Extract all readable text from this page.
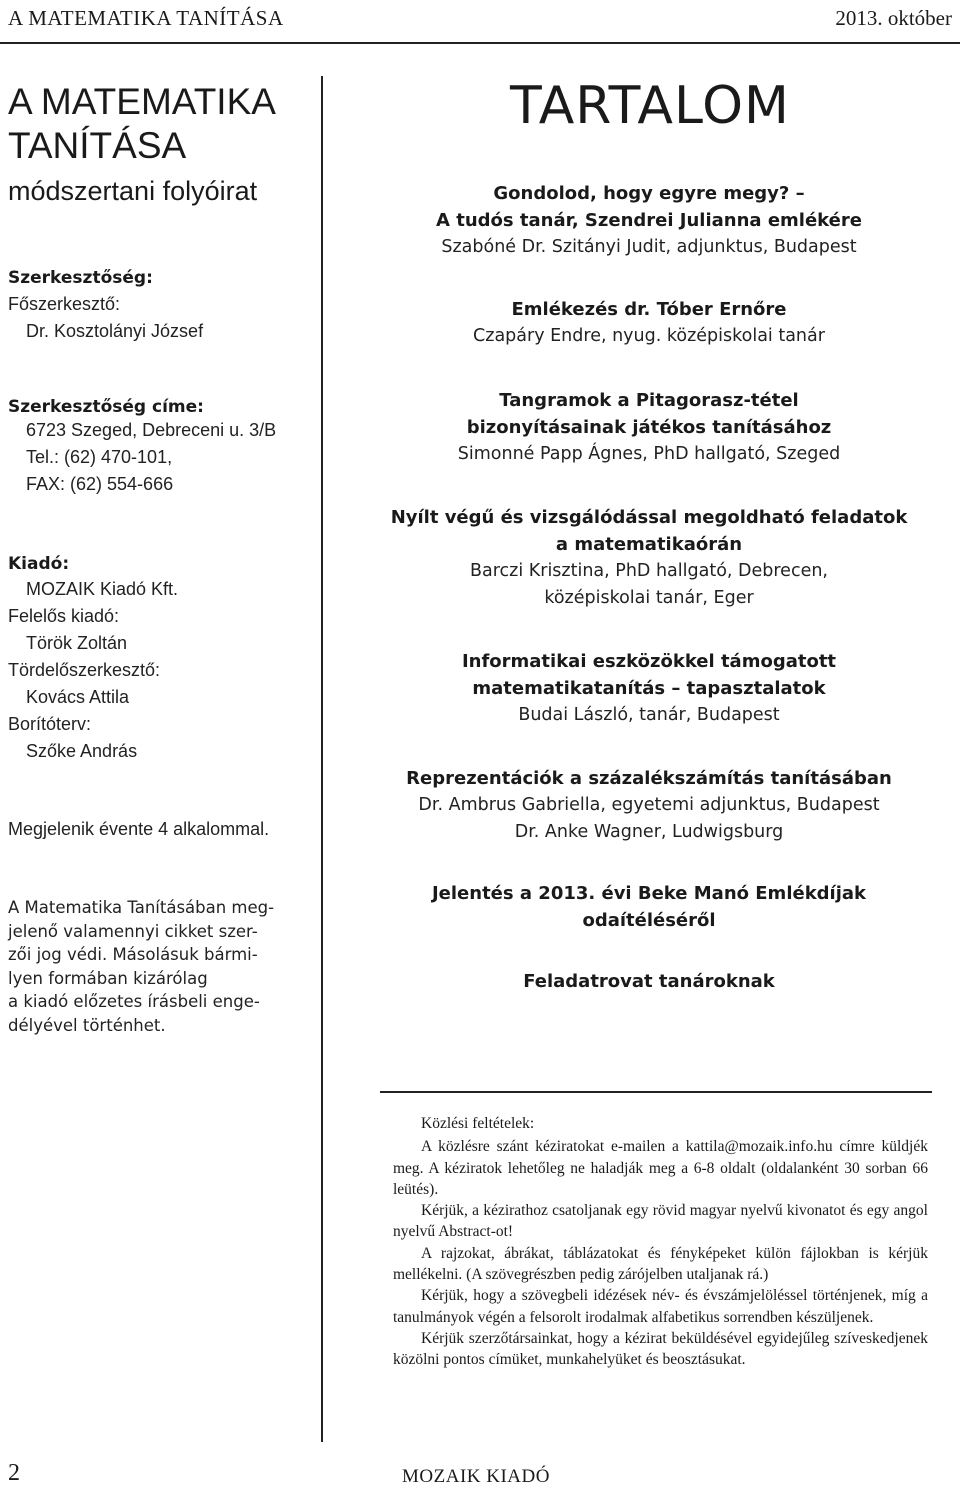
A MATEMATIKA TANÍTÁSA	2013. október
A MATEMATIKA
TANÍTÁSA
módszertani folyóirat
Szerkesztőség:
Főszerkesztő:
Dr. Kosztolányi József
Szerkesztőség címe:
6723 Szeged, Debreceni u. 3/B
Tel.: (62) 470-101,
FAX: (62) 554-666
Kiadó:
MOZAIK Kiadó Kft.
Felelős kiadó:
Török Zoltán
Tördelőszerkesztő:
Kovács Attila
Borítóterv:
Szőke András
Megjelenik évente 4 alkalommal.
A Matematika Tanításában meg-
jelenő valamennyi cikket szer-
zői jog védi. Másolásuk bármi-
lyen formában kizárólag
a kiadó előzetes írásbeli enge-
délyével történhet.
TARTALOM
Gondolod, hogy egyre megy? –
A tudós tanár, Szendrei Julianna emlékére
Szabóné Dr. Szitányi Judit, adjunktus, Budapest
Emlékezés dr. Tóber Ernőre
Czapáry Endre, nyug. középiskolai tanár
Tangramok a Pitagorasz-tétel
bizonyításainak játékos tanításához
Simonné Papp Ágnes, PhD hallgató, Szeged
Nyílt végű és vizsgálódással megoldható feladatok
a matematikaórán
Barczi Krisztina, PhD hallgató, Debrecen,
középiskolai tanár, Eger
Informatikai eszközökkel támogatott
matematikatanítás – tapasztalatok
Budai László, tanár, Budapest
Reprezentációk a százalékszámítás tanításában
Dr. Ambrus Gabriella, egyetemi adjunktus, Budapest
Dr. Anke Wagner, Ludwigsburg
Jelentés a 2013. évi Beke Manó Emlékdíjak
odaítéléséről
Feladatrovat tanároknak

Közlési feltételek:

A közlésre szánt kéziratokat e-mailen a kattila@mozaik.info.hu címre küldjék meg. A kéziratok lehetőleg ne haladják meg a 6-8 oldalt (oldalanként 30 sorban 66 leütés).

Kérjük, a kézirathoz csatoljanak egy rövid magyar nyelvű kivonatot és egy angol nyelvű Abstract-ot!

A rajzokat, ábrákat, táblázatokat és fényképeket külön fájlokban is kérjük mellékelni. (A szövegrészben pedig zárójelben utaljanak rá.)

Kérjük, hogy a szövegbeli idézések név- és évszámjelöléssel történjenek, míg a tanulmányok végén a felsorolt irodalmak alfabetikus sorrendben készüljenek.

Kérjük szerzőtársainkat, hogy a kézirat beküldésével egyidejűleg szíveskedjenek közölni pontos címüket, munkahelyüket és beosztásukat.

2	MOZAIK KIADÓ
